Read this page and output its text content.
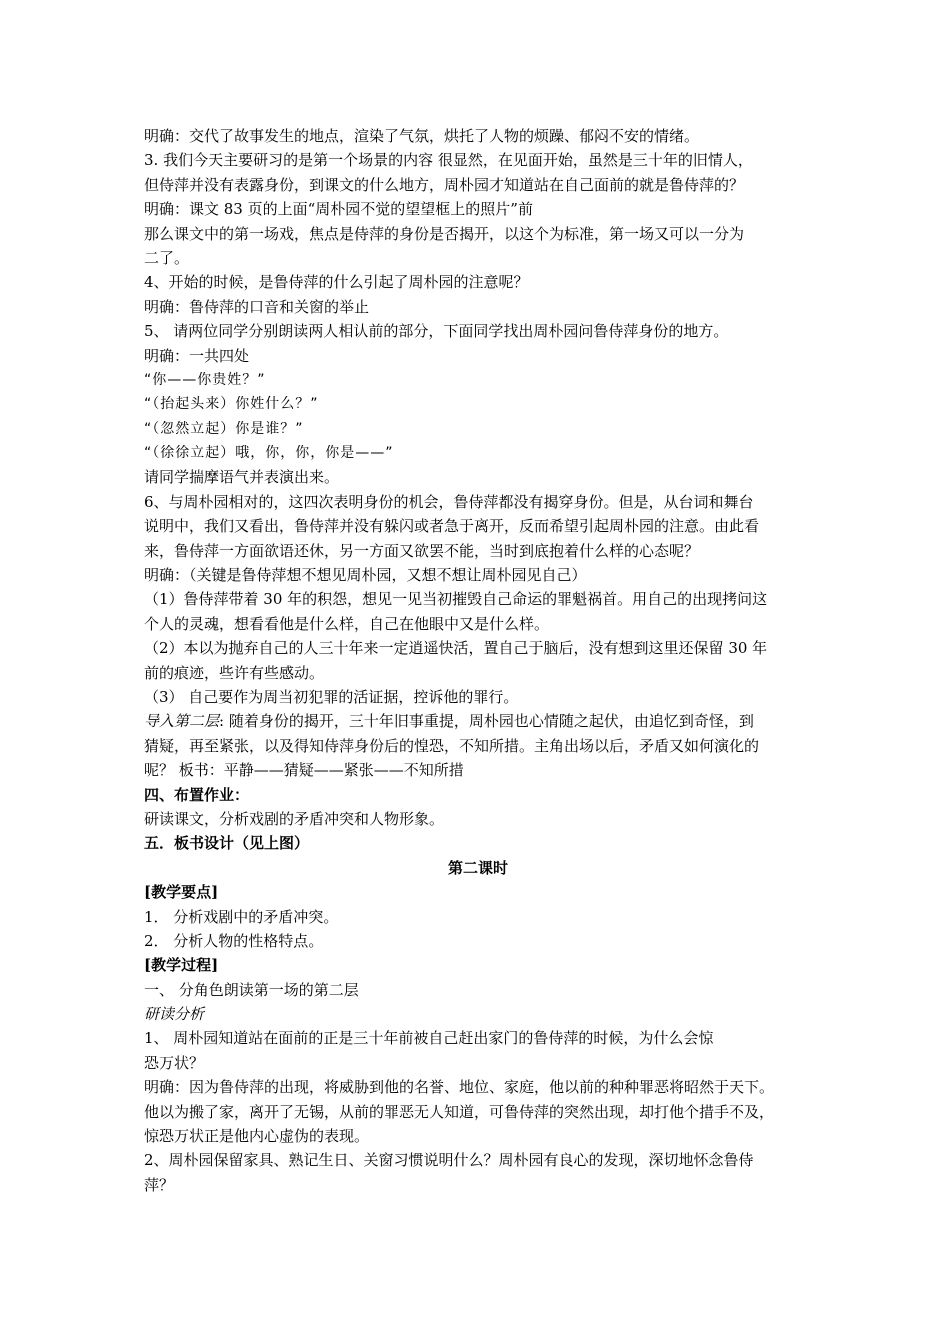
明确：交代了故事发生的地点，渲染了气氛，烘托了人物的烦躁、郁闷不安的情绪。
3. 我们今天主要研习的是第一个场景的内容 很显然，在见面开始，虽然是三十年的旧情人，
但侍萍并没有表露身份，到课文的什么地方，周朴园才知道站在自己面前的就是鲁侍萍的？
明确：课文 83 页的上面“周朴园不觉的望望框上的照片”前
那么课文中的第一场戏，焦点是侍萍的身份是否揭开，以这个为标准，第一场又可以一分为
二了。
4、开始的时候，是鲁侍萍的什么引起了周朴园的注意呢？
明确：鲁侍萍的口音和关窗的举止
5、 请两位同学分别朗读两人相认前的部分，下面同学找出周朴园问鲁侍萍身份的地方。
明确：一共四处
“你——你贵姓？”
“（抬起头来）你姓什么？”
“（忽然立起）你是谁？”
“（徐徐立起）哦，你，你，你是——”
请同学揣摩语气并表演出来。
6、与周朴园相对的，这四次表明身份的机会，鲁侍萍都没有揭穿身份。但是，从台词和舞台
说明中，我们又看出，鲁侍萍并没有躲闪或者急于离开，反而希望引起周朴园的注意。由此看
来，鲁侍萍一方面欲语还休，另一方面又欲罢不能，当时到底抱着什么样的心态呢？
明确：（关键是鲁侍萍想不想见周朴园，又想不想让周朴园见自己）
（1）鲁侍萍带着 30 年的积怨，想见一见当初摧毁自己命运的罪魁祸首。用自己的出现拷问这
个人的灵魂，想看看他是什么样，自己在他眼中又是什么样。
（2）本以为抛弃自己的人三十年来一定逍遥快活，置自己于脑后，没有想到这里还保留 30 年
前的痕迹，些许有些感动。
（3） 自己要作为周当初犯罪的活证据，控诉他的罪行。
导入第二层: 随着身份的揭开，三十年旧事重提，周朴园也心情随之起伏，由追忆到奇怪，到
猜疑，再至紧张，以及得知侍萍身份后的惶恐，不知所措。主角出场以后，矛盾又如何演化的
呢？ 板书：平静——猜疑——紧张——不知所措
四、布置作业：
研读课文，分析戏剧的矛盾冲突和人物形象。
五．板书设计（见上图）
第二课时
[教学要点]
1． 分析戏剧中的矛盾冲突。
2． 分析人物的性格特点。
[教学过程]
一、 分角色朗读第一场的第二层
研读分析
1、 周朴园知道站在面前的正是三十年前被自己赶出家门的鲁侍萍的时候，为什么会惊
恐万状？
明确：因为鲁侍萍的出现，将威胁到他的名誉、地位、家庭，他以前的种种罪恶将昭然于天下。
他以为搬了家，离开了无锡，从前的罪恶无人知道，可鲁侍萍的突然出现，却打他个措手不及，
惊恐万状正是他内心虚伪的表现。
2、周朴园保留家具、熟记生日、关窗习惯说明什么？周朴园有良心的发现，深切地怀念鲁侍
萍？
